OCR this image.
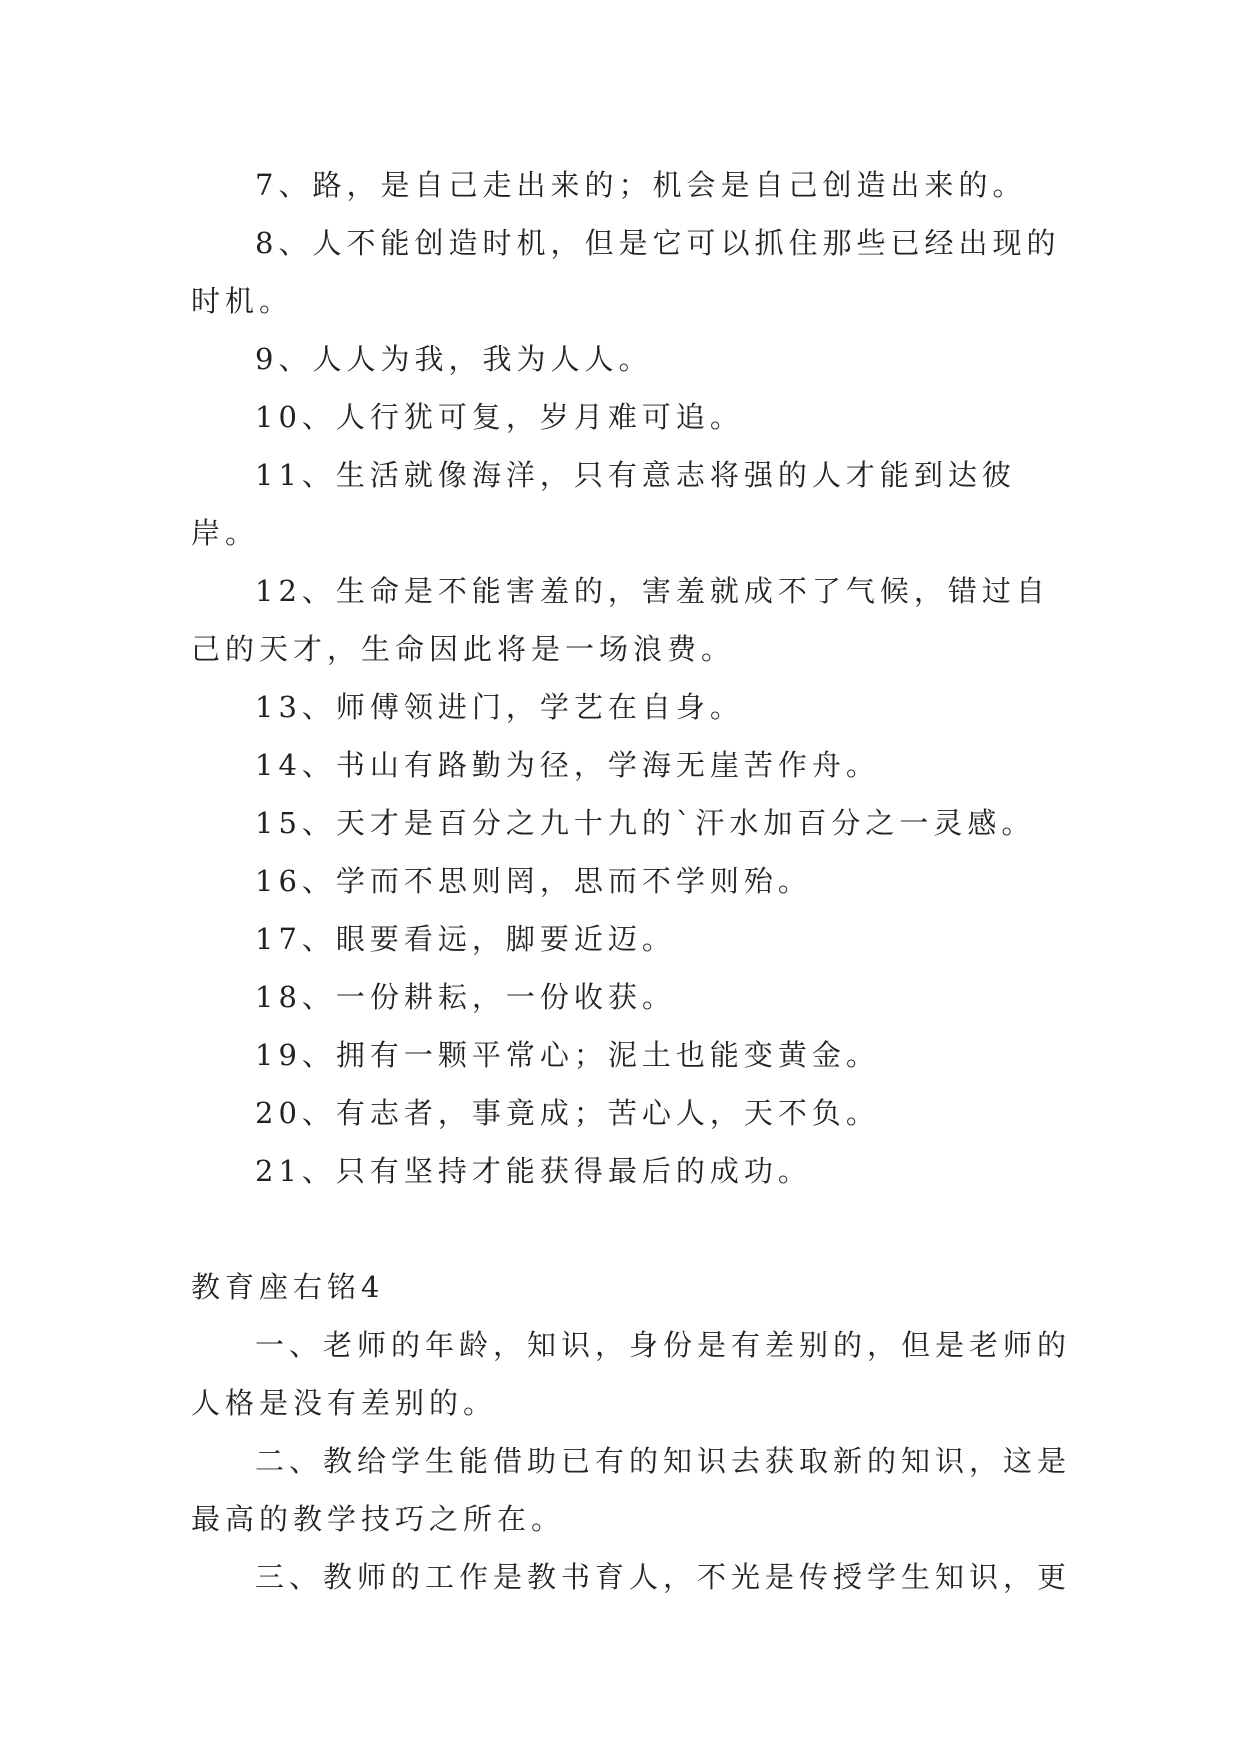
7、路，是自己走出来的；机会是自己创造出来的。

8、人不能创造时机，但是它可以抓住那些已经出现的时机。

9、人人为我，我为人人。

10、人行犹可复，岁月难可追。

11、生活就像海洋，只有意志将强的人才能到达彼岸。

12、生命是不能害羞的，害羞就成不了气候，错过自己的天才，生命因此将是一场浪费。

13、师傅领进门，学艺在自身。

14、书山有路勤为径，学海无崖苦作舟。

15、天才是百分之九十九的`汗水加百分之一灵感。

16、学而不思则罔，思而不学则殆。

17、眼要看远，脚要近迈。

18、一份耕耘，一份收获。

19、拥有一颗平常心；泥土也能变黄金。

20、有志者，事竟成；苦心人，天不负。

21、只有坚持才能获得最后的成功。

教育座右铭4

一、老师的年龄，知识，身份是有差别的，但是老师的人格是没有差别的。

二、教给学生能借助已有的知识去获取新的知识，这是最高的教学技巧之所在。

三、教师的工作是教书育人，不光是传授学生知识，更
